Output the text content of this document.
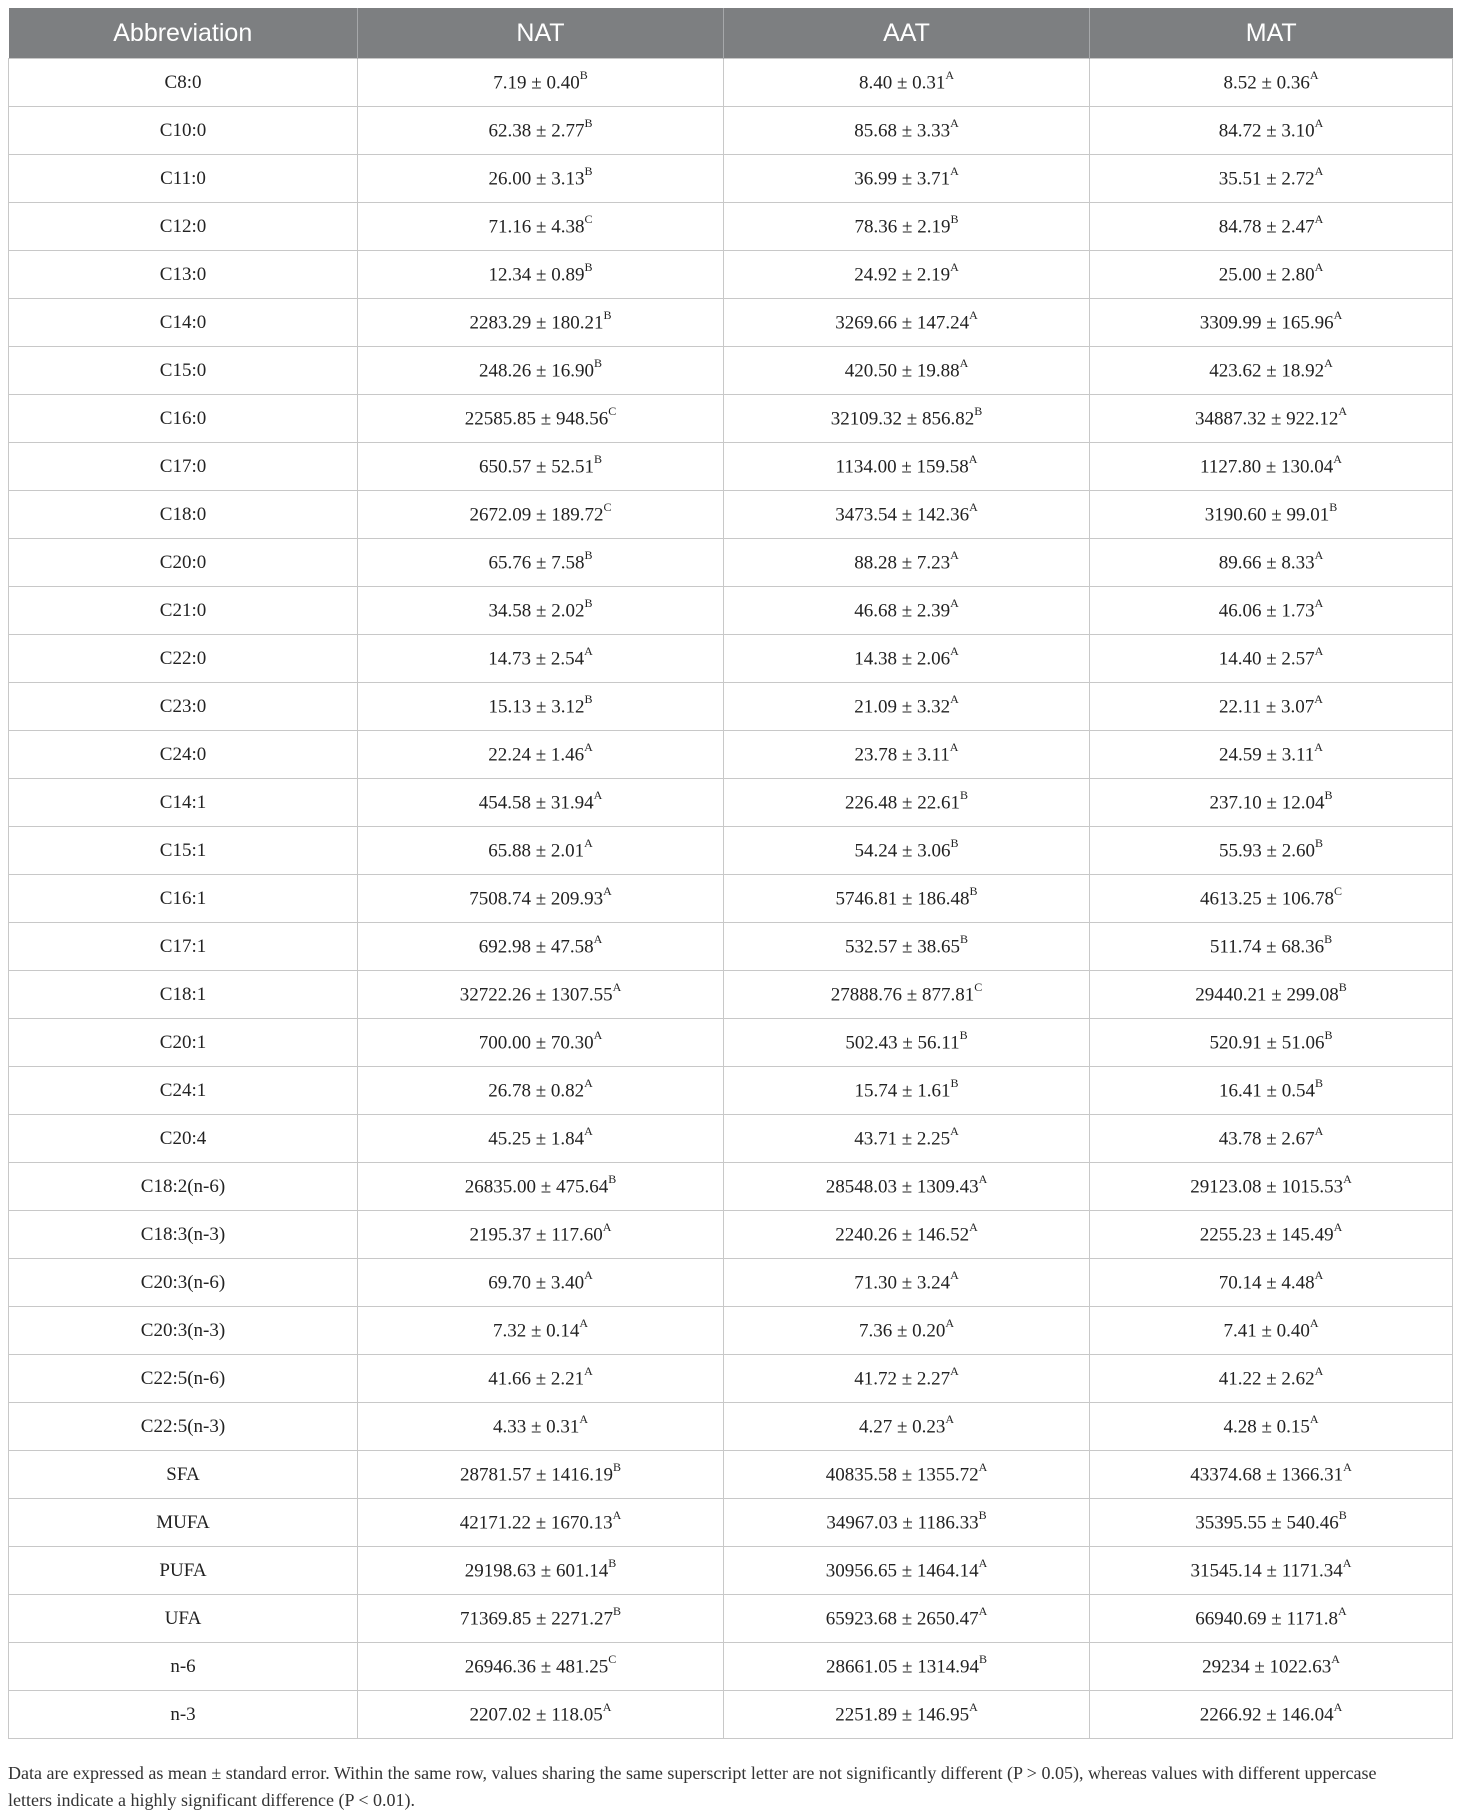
Abbreviation	NAT	AAT	MAT
C8:0	$7.19 \pm 0.40^B$	$8.40 \pm 0.31^A$	$8.52 \pm 0.36^A$
C10:0	$62.38 \pm 2.77^B$	$85.68 \pm 3.33^A$	$84.72 \pm 3.10^A$
C11:0	$26.00 \pm 3.13^B$	$36.99 \pm 3.71^A$	$35.51 \pm 2.72^A$
C12:0	$71.16 \pm 4.38^C$	$78.36 \pm 2.19^B$	$84.78 \pm 2.47^A$
C13:0	$12.34 \pm 0.89^B$	$24.92 \pm 2.19^A$	$25.00 \pm 2.80^A$
C14:0	$2283.29 \pm 180.21^B$	$3269.66 \pm 147.24^A$	$3309.99 \pm 165.96^A$
C15:0	$248.26 \pm 16.90^B$	$420.50 \pm 19.88^A$	$423.62 \pm 18.92^A$
C16:0	$22585.85 \pm 948.56^C$	$32109.32 \pm 856.82^B$	$34887.32 \pm 922.12^A$
C17:0	$650.57 \pm 52.51^B$	$1134.00 \pm 159.58^A$	$1127.80 \pm 130.04^A$
C18:0	$2672.09 \pm 189.72^C$	$3473.54 \pm 142.36^A$	$3190.60 \pm 99.01^B$
C20:0	$65.76 \pm 7.58^B$	$88.28 \pm 7.23^A$	$89.66 \pm 8.33^A$
C21:0	$34.58 \pm 2.02^B$	$46.68 \pm 2.39^A$	$46.06 \pm 1.73^A$
C22:0	$14.73 \pm 2.54^A$	$14.38 \pm 2.06^A$	$14.40 \pm 2.57^A$
C23:0	$15.13 \pm 3.12^B$	$21.09 \pm 3.32^A$	$22.11 \pm 3.07^A$
C24:0	$22.24 \pm 1.46^A$	$23.78 \pm 3.11^A$	$24.59 \pm 3.11^A$
C14:1	$454.58 \pm 31.94^A$	$226.48 \pm 22.61^B$	$237.10 \pm 12.04^B$
C15:1	$65.88 \pm 2.01^A$	$54.24 \pm 3.06^B$	$55.93 \pm 2.60^B$
C16:1	$7508.74 \pm 209.93^A$	$5746.81 \pm 186.48^B$	$4613.25 \pm 106.78^C$
C17:1	$692.98 \pm 47.58^A$	$532.57 \pm 38.65^B$	$511.74 \pm 68.36^B$
C18:1	$32722.26 \pm 1307.55^A$	$27888.76 \pm 877.81^C$	$29440.21 \pm 299.08^B$
C20:1	$700.00 \pm 70.30^A$	$502.43 \pm 56.11^B$	$520.91 \pm 51.06^B$
C24:1	$26.78 \pm 0.82^A$	$15.74 \pm 1.61^B$	$16.41 \pm 0.54^B$
C20:4	$45.25 \pm 1.84^A$	$43.71 \pm 2.25^A$	$43.78 \pm 2.67^A$
C18:2(n-6)	$26835.00 \pm 475.64^B$	$28548.03 \pm 1309.43^A$	$29123.08 \pm 1015.53^A$
C18:3(n-3)	$2195.37 \pm 117.60^A$	$2240.26 \pm 146.52^A$	$2255.23 \pm 145.49^A$
C20:3(n-6)	$69.70 \pm 3.40^A$	$71.30 \pm 3.24^A$	$70.14 \pm 4.48^A$
C20:3(n-3)	$7.32 \pm 0.14^A$	$7.36 \pm 0.20^A$	$7.41 \pm 0.40^A$
C22:5(n-6)	$41.66 \pm 2.21^A$	$41.72 \pm 2.27^A$	$41.22 \pm 2.62^A$
C22:5(n-3)	$4.33 \pm 0.31^A$	$4.27 \pm 0.23^A$	$4.28 \pm 0.15^A$
SFA	$28781.57 \pm 1416.19^B$	$40835.58 \pm 1355.72^A$	$43374.68 \pm 1366.31^A$
MUFA	$42171.22 \pm 1670.13^A$	$34967.03 \pm 1186.33^B$	$35395.55 \pm 540.46^B$
PUFA	$29198.63 \pm 601.14^B$	$30956.65 \pm 1464.14^A$	$31545.14 \pm 1171.34^A$
UFA	$71369.85 \pm 2271.27^B$	$65923.68 \pm 2650.47^A$	$66940.69 \pm 1171.8^A$
n-6	$26946.36 \pm 481.25^C$	$28661.05 \pm 1314.94^B$	$29234 \pm 1022.63^A$
n-3	$2207.02 \pm 118.05^A$	$2251.89 \pm 146.95^A$	$2266.92 \pm 146.04^A$
Data are expressed as mean ± standard error. Within the same row, values sharing the same superscript letter are not significantly different (P > 0.05), whereas values with different uppercase
letters indicate a highly significant difference (P < 0.01).
